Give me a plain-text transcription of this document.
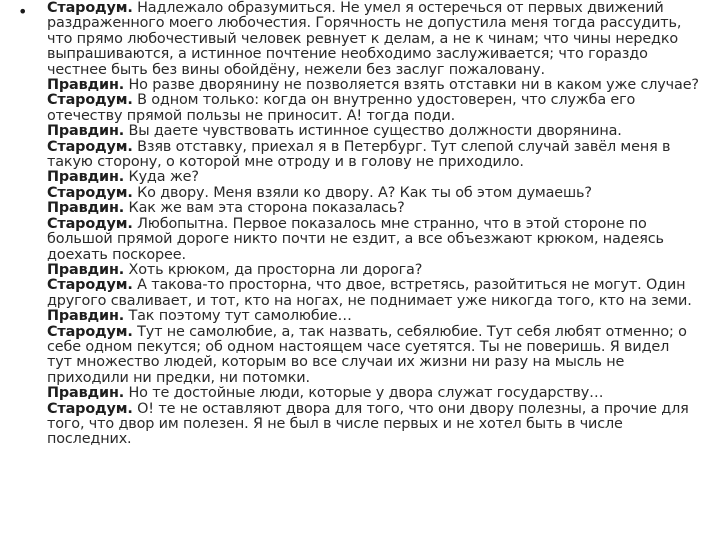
• Стародум. Надлежало образумиться. Не умел я остеречься от первых движений
раздраженного моего любочестия. Горячность не допустила меня тогда рассудить,
что прямо любочестивый человек ревнует к делам, а не к чинам; что чины нередко
выпрашиваются, а истинное почтение необходимо заслуживается; что гораздо
честнее быть без вины обойдёну, нежели без заслуг пожаловану.
Правдин. Но разве дворянину не позволяется взять отставки ни в каком уже случае?
Стародум. В одном только: когда он внутренно удостоверен, что служба его
отечеству прямой пользы не приносит. А! тогда поди.
Правдин. Вы даете чувствовать истинное существо должности дворянина.
Стародум. Взяв отставку, приехал я в Петербург. Тут слепой случай завёл меня в
такую сторону, о которой мне отроду и в голову не приходило.
Правдин. Куда же?
Стародум. Ко двору. Меня взяли ко двору. А? Как ты об этом думаешь?
Правдин. Как же вам эта сторона показалась?
Стародум. Любопытна. Первое показалось мне странно, что в этой стороне по
большой прямой дороге никто почти не ездит, а все объезжают крюком, надеясь
доехать поскорее.
Правдин. Хоть крюком, да просторна ли дорога?
Стародум. А такова-то просторна, что двое, встретясь, разойтиться не могут. Один
другого сваливает, и тот, кто на ногах, не поднимает уже никогда того, кто на земи.
Правдин. Так поэтому тут самолюбие…
Стародум. Тут не самолюбие, а, так назвать, себялюбие. Тут себя любят отменно; о
себе одном пекутся; об одном настоящем часе суетятся. Ты не поверишь. Я видел
тут множество людей, которым во все случаи их жизни ни разу на мысль не
приходили ни предки, ни потомки.
Правдин. Но те достойные люди, которые у двора служат государству…
Стародум. О! те не оставляют двора для того, что они двору полезны, а прочие для
того, что двор им полезен. Я не был в числе первых и не хотел быть в числе
последних.
